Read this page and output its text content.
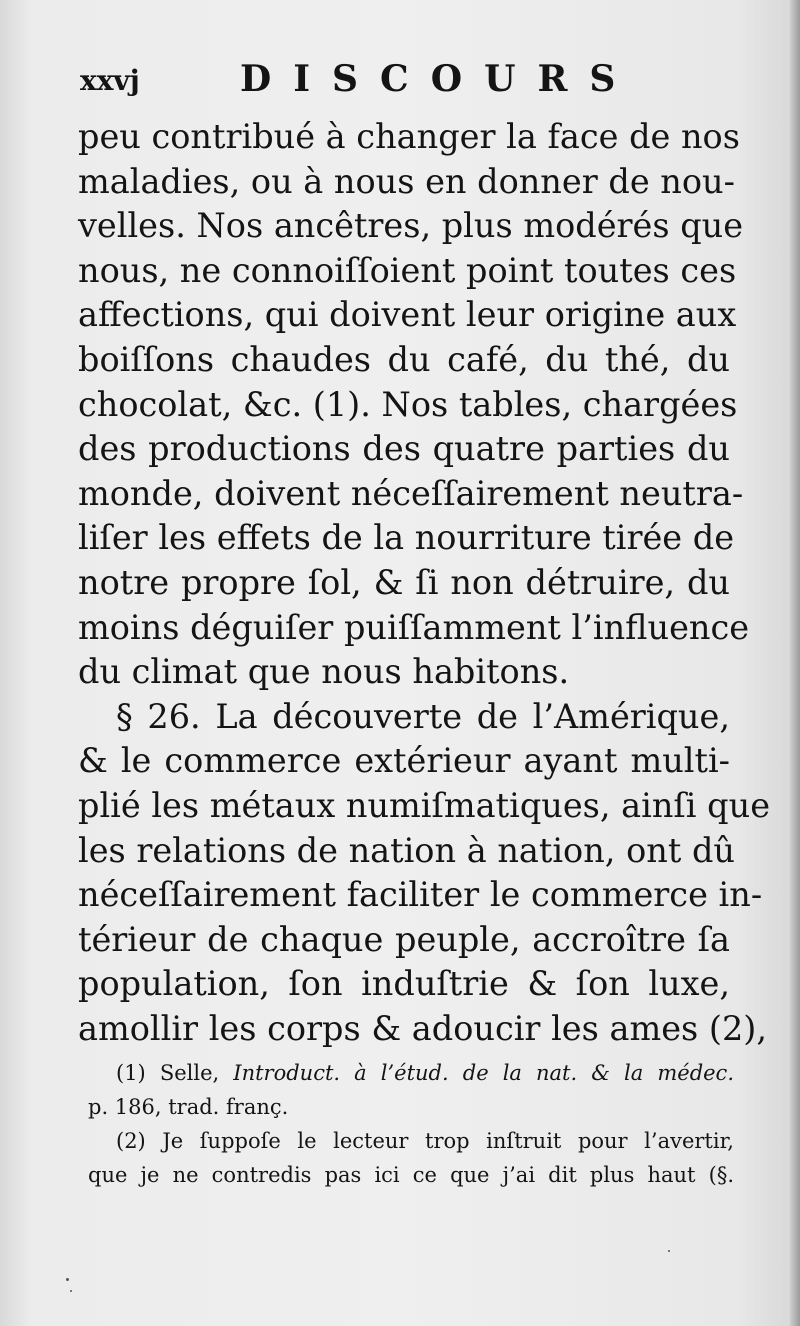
xxvj	DISCOURS
peu contribué à changer la face de nos
maladies, ou à nous en donner de nou-
velles. Nos ancêtres, plus modérés que
nous, ne connoiſſoient point toutes ces
affections, qui doivent leur origine aux
boiſſons chaudes du café, du thé, du
chocolat, &c. (1). Nos tables, chargées
des productions des quatre parties du
monde, doivent néceſſairement neutra-
liſer les effets de la nourriture tirée de
notre propre ſol, & ſi non détruire, du
moins déguiſer puiſſamment l’influence
du climat que nous habitons.
§ 26. La découverte de l’Amérique,
& le commerce extérieur ayant multi-
plié les métaux numiſmatiques, ainſi que
les relations de nation à nation, ont dû
néceſſairement faciliter le commerce in-
térieur de chaque peuple, accroître ſa
population, ſon induſtrie & ſon luxe,
amollir les corps & adoucir les ames (2),
(1) Selle, Introduct. à l’étud. de la nat. & la médec.
p. 186, trad. franç.
(2) Je ſuppoſe le lecteur trop inſtruit pour l’avertir,
que je ne contredis pas ici ce que j’ai dit plus haut (§.
